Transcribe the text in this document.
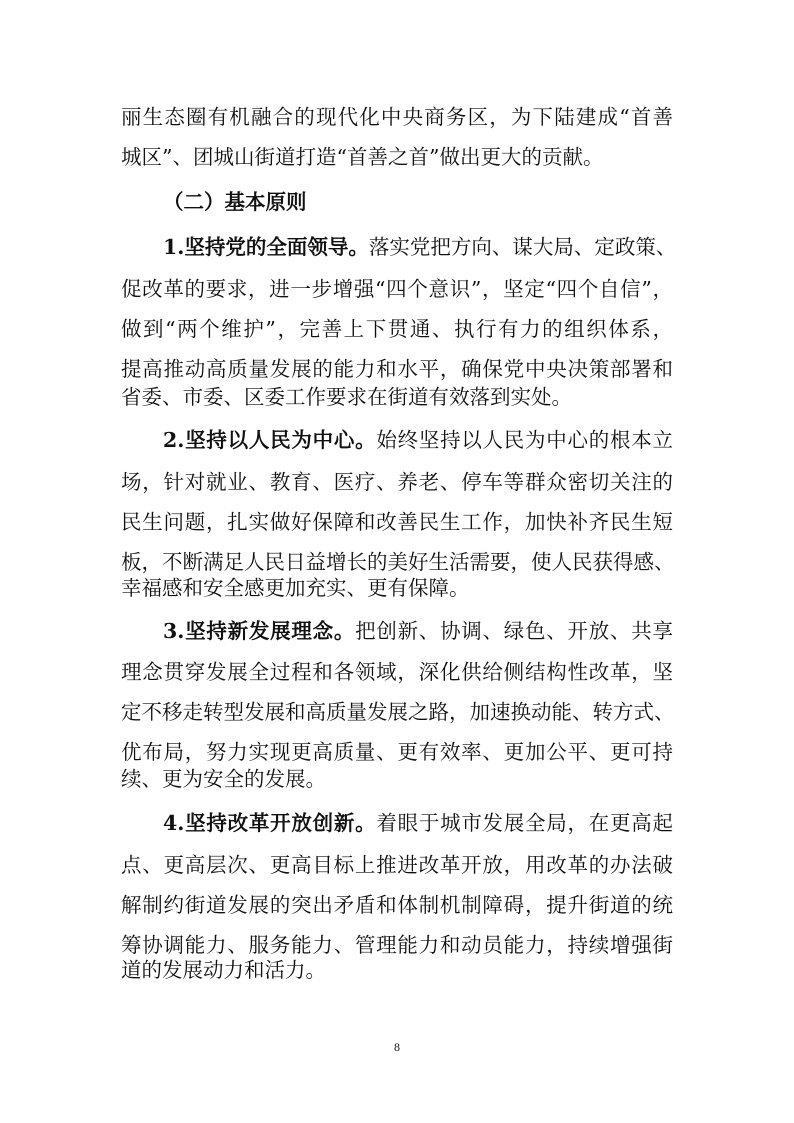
丽生态圈有机融合的现代化中央商务区，为下陆建成“首善
城区”、团城山街道打造“首善之首”做出更大的贡献。
（二）基本原则
1.坚持党的全面领导。落实党把方向、谋大局、定政策、
促改革的要求，进一步增强“四个意识”，坚定“四个自信”，
做到“两个维护”，完善上下贯通、执行有力的组织体系，
提高推动高质量发展的能力和水平，确保党中央决策部署和
省委、市委、区委工作要求在街道有效落到实处。
2.坚持以人民为中心。始终坚持以人民为中心的根本立
场，针对就业、教育、医疗、养老、停车等群众密切关注的
民生问题，扎实做好保障和改善民生工作，加快补齐民生短
板，不断满足人民日益增长的美好生活需要，使人民获得感、
幸福感和安全感更加充实、更有保障。
3.坚持新发展理念。把创新、协调、绿色、开放、共享
理念贯穿发展全过程和各领域，深化供给侧结构性改革，坚
定不移走转型发展和高质量发展之路，加速换动能、转方式、
优布局，努力实现更高质量、更有效率、更加公平、更可持
续、更为安全的发展。
4.坚持改革开放创新。着眼于城市发展全局，在更高起
点、更高层次、更高目标上推进改革开放，用改革的办法破
解制约街道发展的突出矛盾和体制机制障碍，提升街道的统
筹协调能力、服务能力、管理能力和动员能力，持续增强街
道的发展动力和活力。
8
